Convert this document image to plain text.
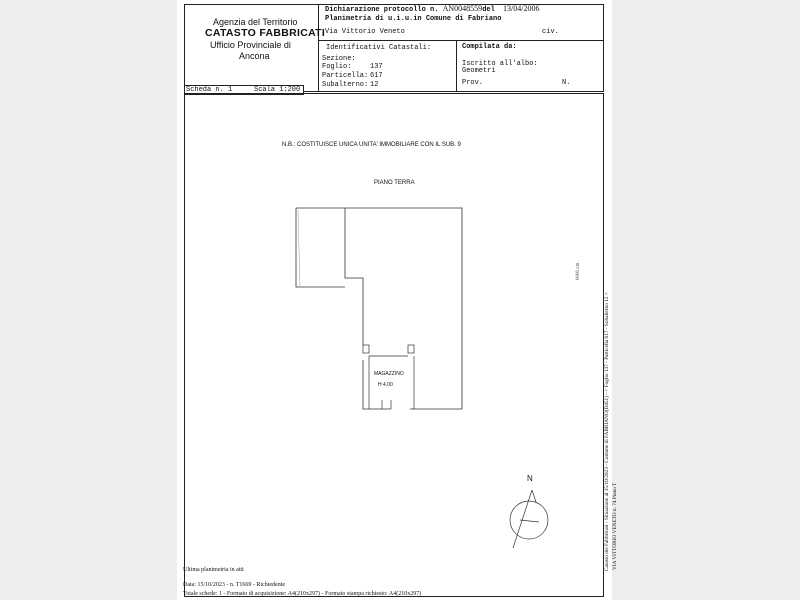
Agenzia del Territorio
CATASTO FABBRICATI
Ufficio Provinciale di
Ancona
Dichiarazione protocollo n. AN0048559del 13/04/2006
Planimetria di u.i.u.in Comune di Fabriano
Via Vittorio Veneto	civ.
Identificativi Catastali:
Sezione:
Foglio:	137
Particella: 617
Subalterno: 12
Compilata da:
Iscritto all'albo:
Geometri
Prov.	N.
Scheda n. 1	Scala 1:200
N.B.: COSTITUISCE UNICA UNITA' IMMOBILIARE CON IL SUB. 9
PIANO TERRA
MAGAZZINO
H 4.00
N
0000 cm
Catasto dei Fabbricati - Situazione al 15/10/2023 - Comune di FABRIANO(D451) - < Foglio 137 - Particella 617 - Subalterno 12 > VIA VITTORIO VENETO n. 74 Piano T
Ultima planimetria in atti
Data: 15/10/2023 - n. T1669 - Richiedente
Totale schede: 1 - Formato di acquisizione: A4(210x297) - Formato stampa richiesto: A4(210x297)
